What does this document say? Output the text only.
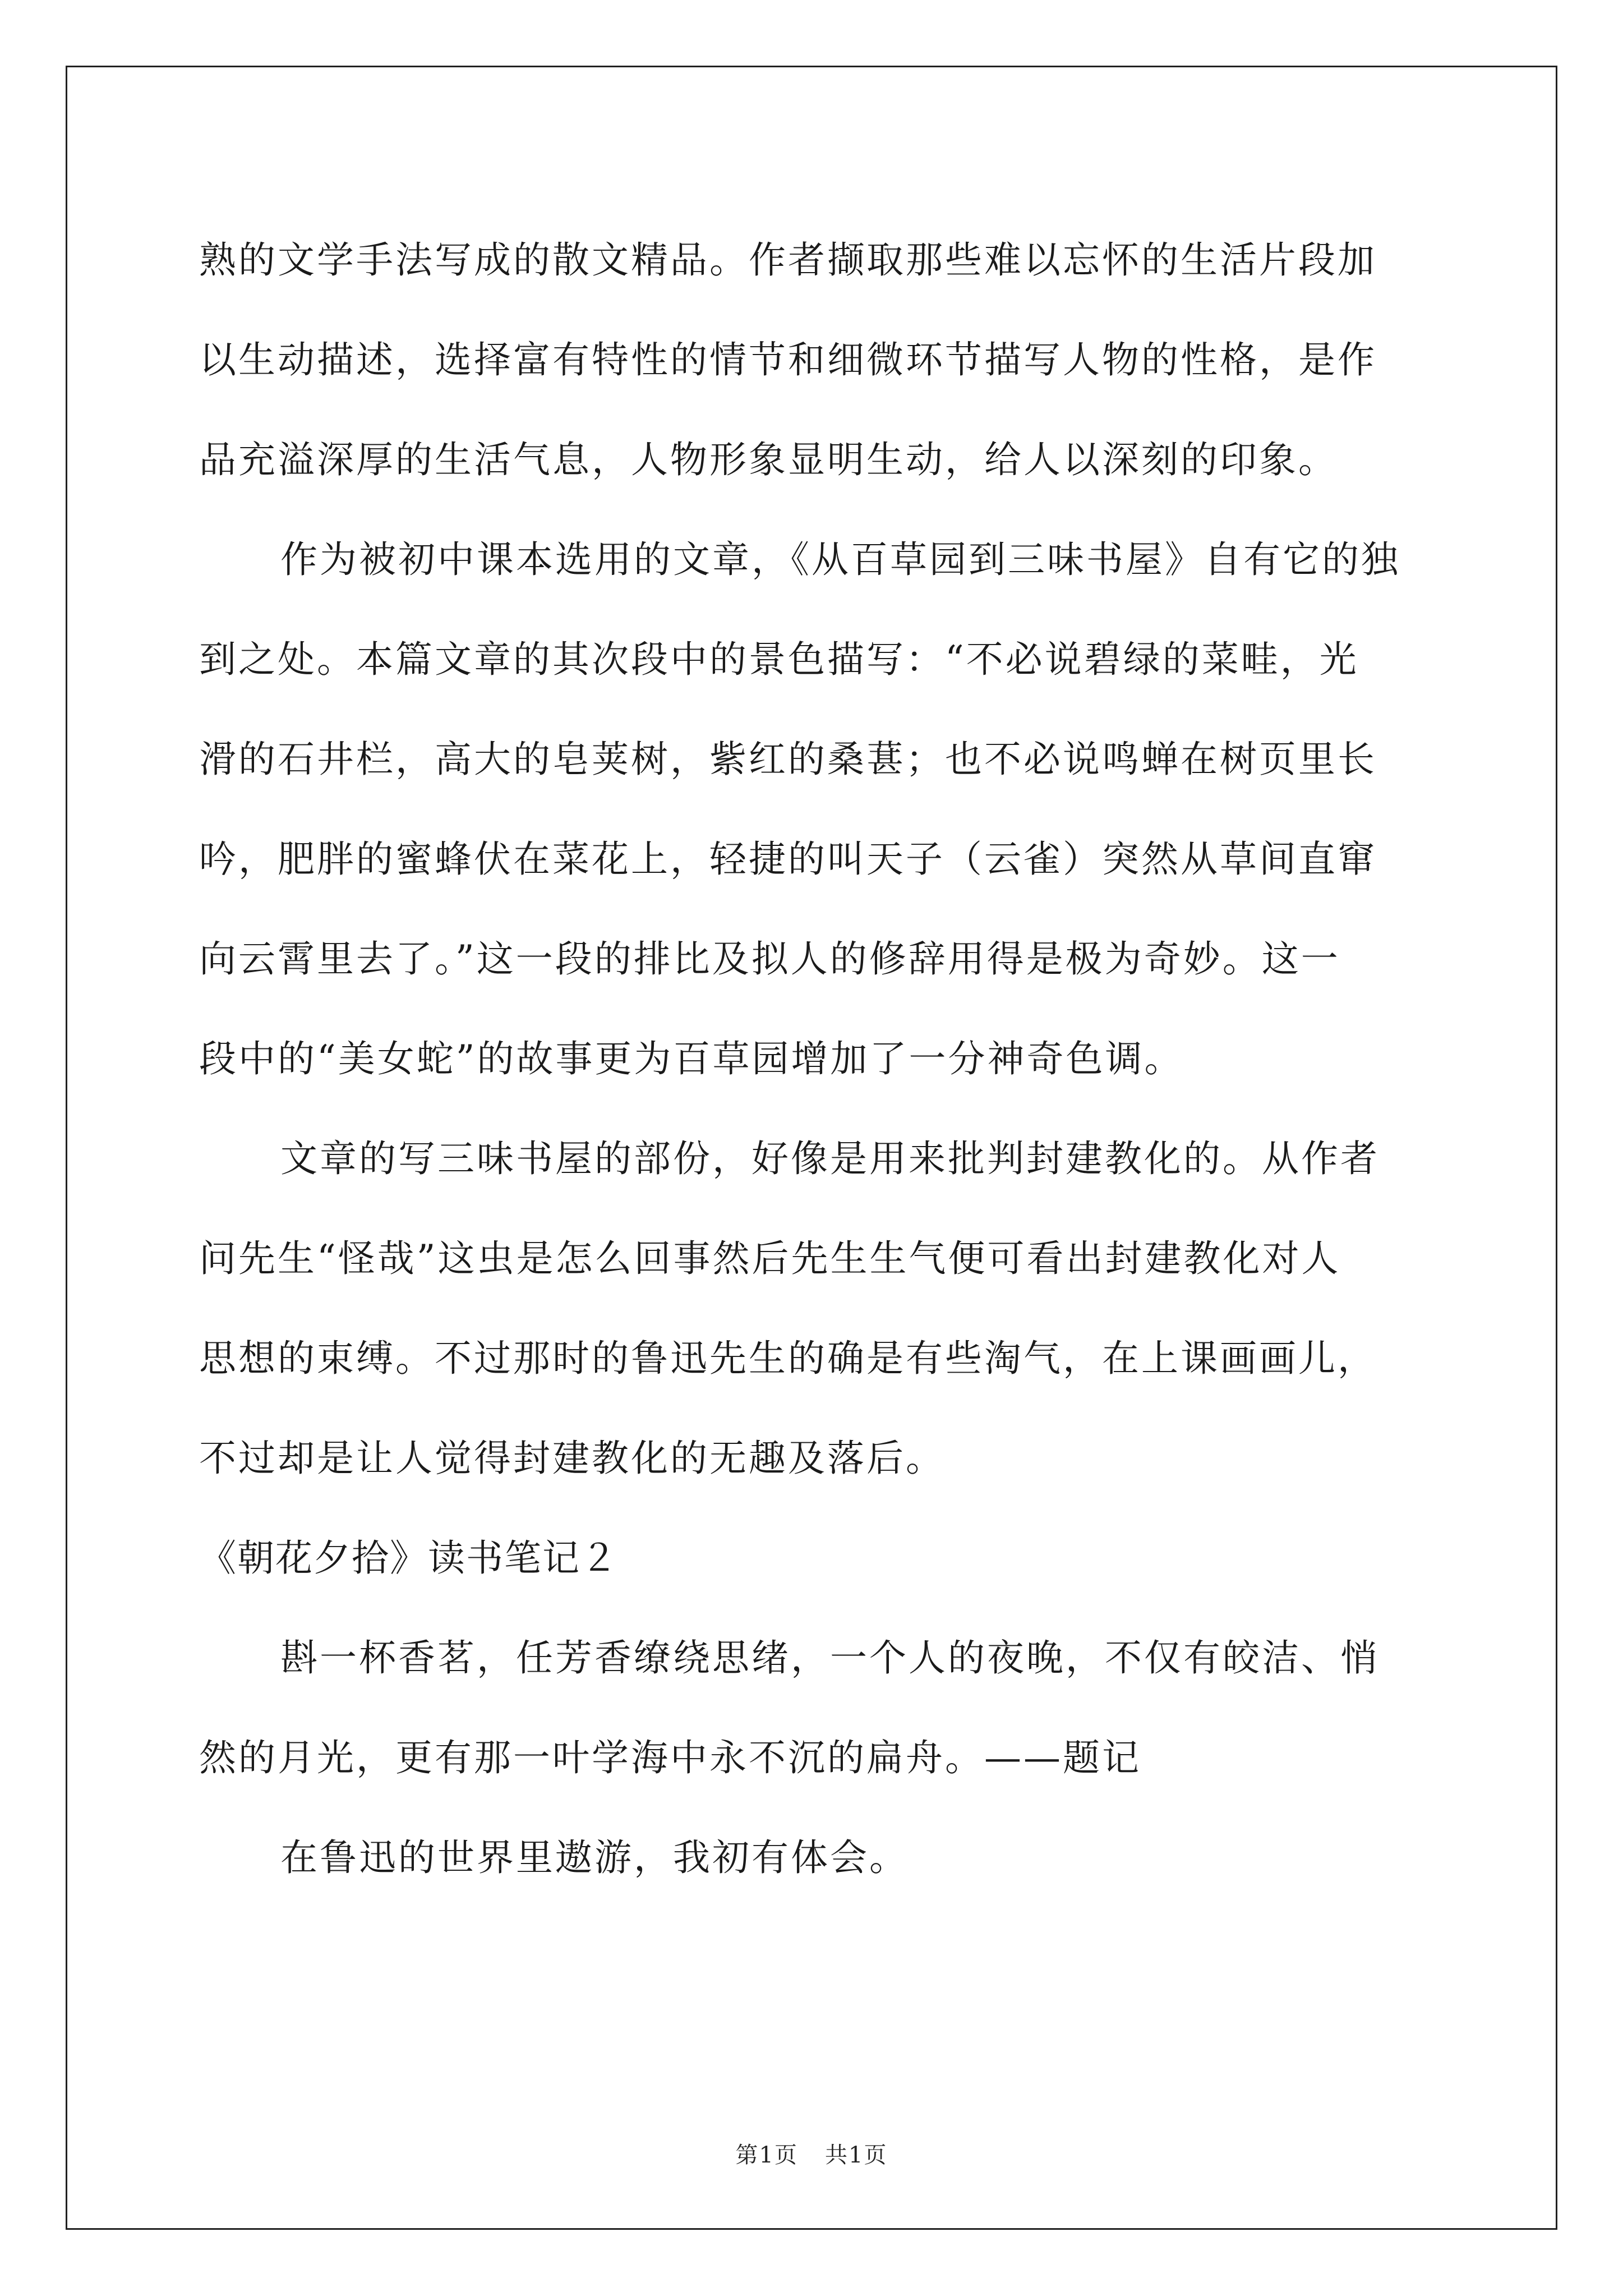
熟的文学手法写成的散文精品。作者撷取那些难以忘怀的生活片段加
以生动描述，选择富有特性的情节和细微环节描写人物的性格，是作
品充溢深厚的生活气息，人物形象显明生动，给人以深刻的印象。
作为被初中课本选用的文章，《从百草园到三味书屋》自有它的独
到之处。本篇文章的其次段中的景色描写：“不必说碧绿的菜畦，光
滑的石井栏，高大的皂荚树，紫红的桑葚；也不必说鸣蝉在树页里长
吟，肥胖的蜜蜂伏在菜花上，轻捷的叫天子（云雀）突然从草间直窜
向云霄里去了。”这一段的排比及拟人的修辞用得是极为奇妙。这一
段中的“美女蛇”的故事更为百草园增加了一分神奇色调。
文章的写三味书屋的部份，好像是用来批判封建教化的。从作者
问先生“怪哉”这虫是怎么回事然后先生生气便可看出封建教化对人
思想的束缚。不过那时的鲁迅先生的确是有些淘气，在上课画画儿，
不过却是让人觉得封建教化的无趣及落后。
《朝花夕拾》读书笔记２
斟一杯香茗，任芳香缭绕思绪，一个人的夜晚，不仅有皎洁、悄
然的月光，更有那一叶学海中永不沉的扁舟。——题记
在鲁迅的世界里遨游，我初有体会。
第1页 共1页
